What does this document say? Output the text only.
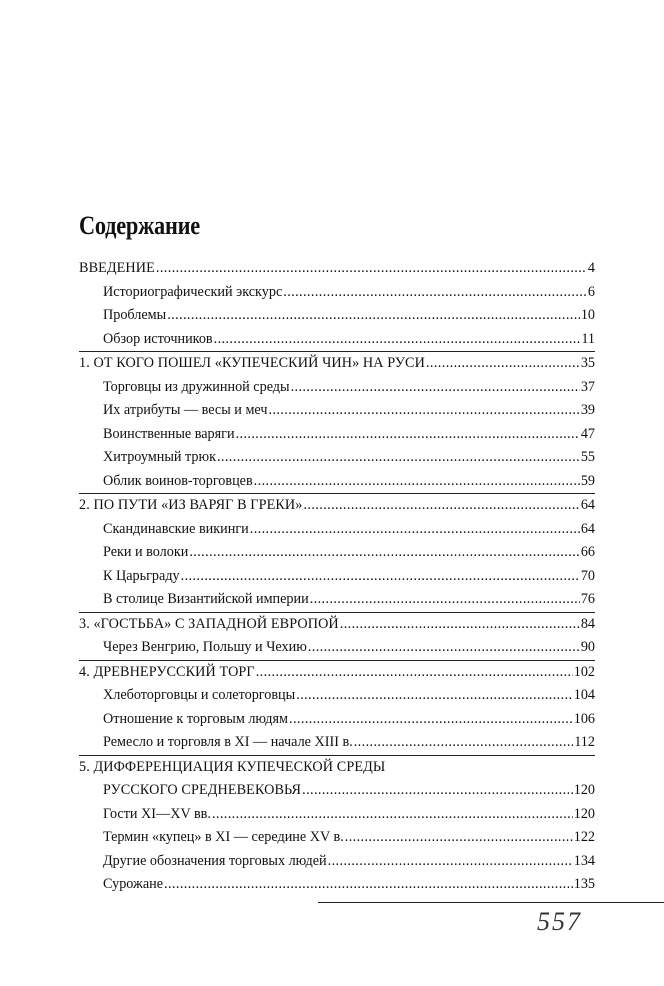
Содержание
ВВЕДЕНИЕ .....	4
Историографический экскурс .....	6
Проблемы .....	10
Обзор источников .....	11
1. ОТ КОГО ПОШЕЛ «КУПЕЧЕСКИЙ ЧИН» НА РУСИ .....	35
Торговцы из дружинной среды .....	37
Их атрибуты — весы и меч .....	39
Воинственные варяги .....	47
Хитроумный трюк .....	55
Облик воинов-торговцев .....	59
2. ПО ПУТИ «ИЗ ВАРЯГ В ГРЕКИ» .....	64
Скандинавские викинги .....	64
Реки и волоки .....	66
К Царьграду .....	70
В столице Византийской империи .....	76
3. «ГОСТЬБА» С ЗАПАДНОЙ ЕВРОПОЙ .....	84
Через Венгрию, Польшу и Чехию .....	90
4. ДРЕВНЕРУССКИЙ ТОРГ .....	102
Хлеботорговцы и солеторговцы .....	104
Отношение к торговым людям .....	106
Ремесло и торговля в XI — начале XIII в. .....	112
5. ДИФФЕРЕНЦИАЦИЯ КУПЕЧЕСКОЙ СРЕДЫ
РУССКОГО СРЕДНЕВЕКОВЬЯ .....	120
Гости XI—XV вв. .....	120
Термин «купец» в XI — середине XV в. .....	122
Другие обозначения торговых людей .....	134
Сурожане .....	135
557
